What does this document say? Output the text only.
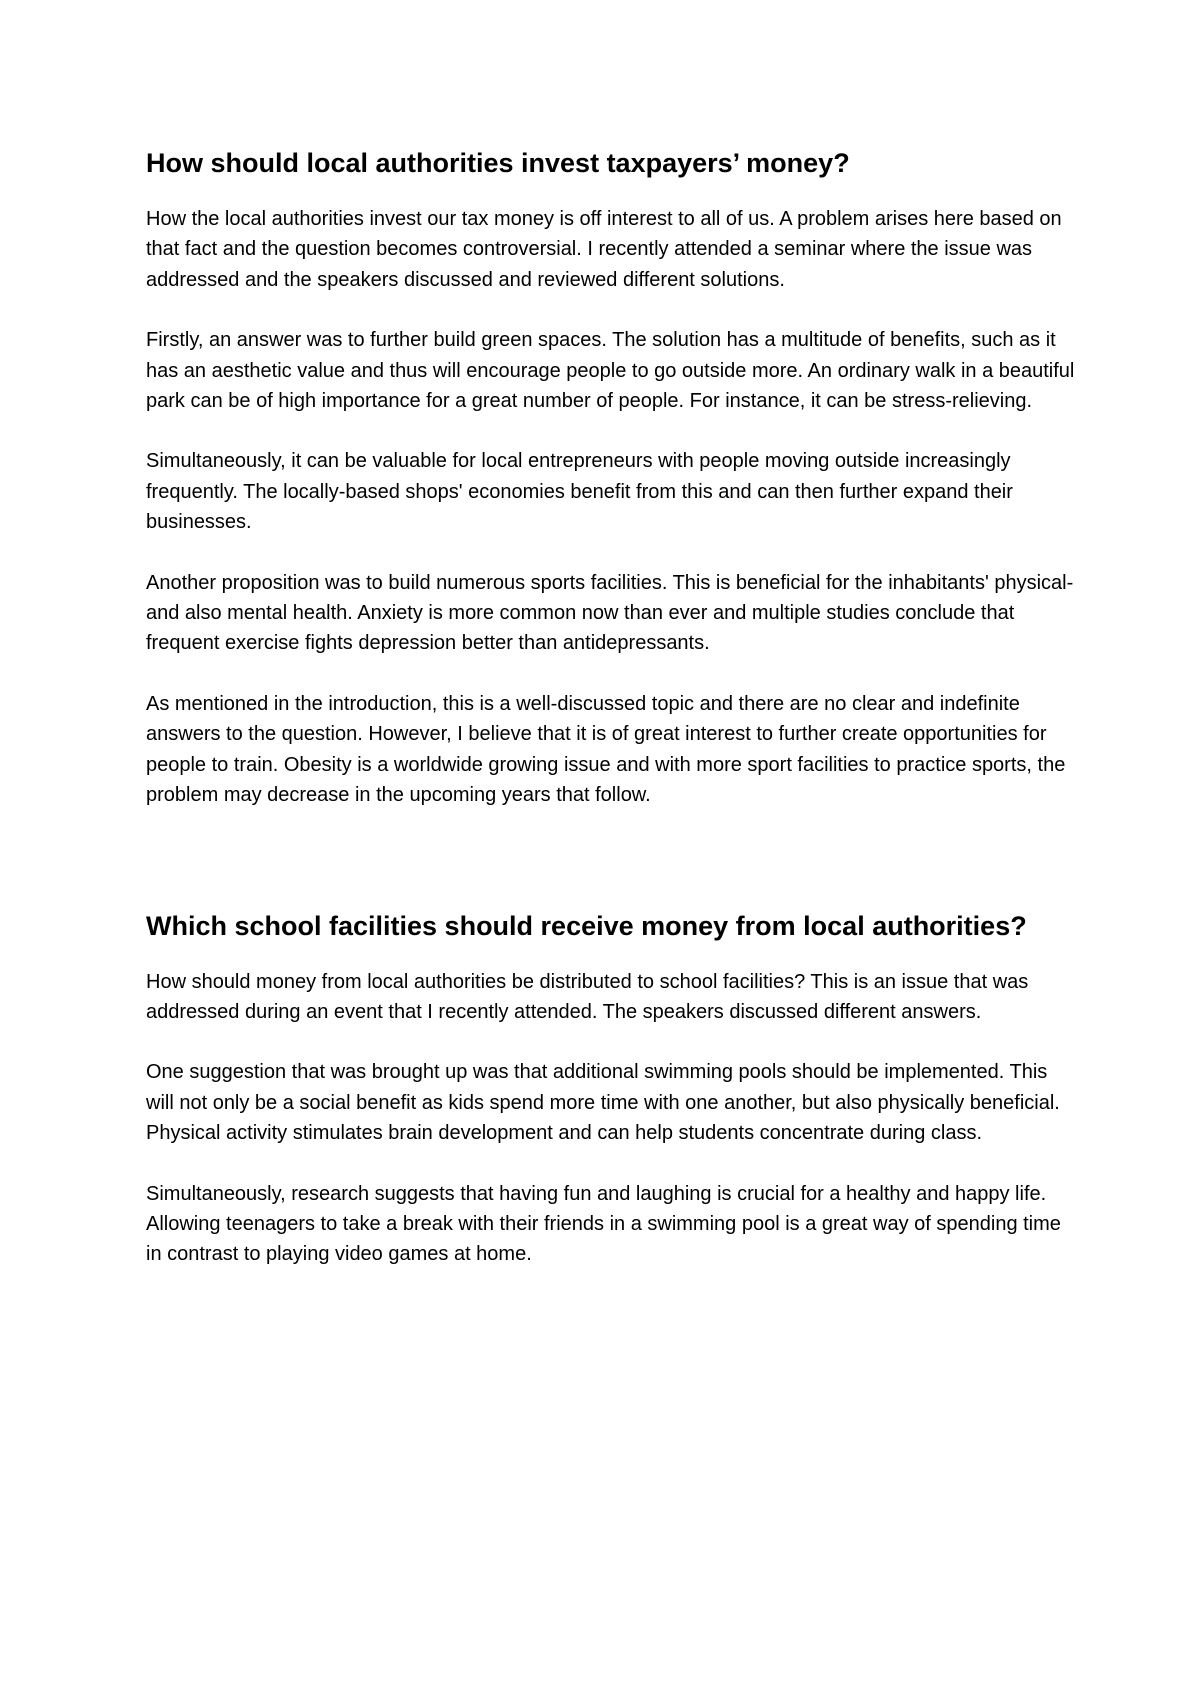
How should local authorities invest taxpayers’ money?

How the local authorities invest our tax money is off interest to all of us. A problem arises here based on that fact and the question becomes controversial. I recently attended a seminar where the issue was addressed and the speakers discussed and reviewed different solutions.

Firstly, an answer was to further build green spaces. The solution has a multitude of benefits, such as it has an aesthetic value and thus will encourage people to go outside more. An ordinary walk in a beautiful park can be of high importance for a great number of people. For instance, it can be stress-relieving.

Simultaneously, it can be valuable for local entrepreneurs with people moving outside increasingly frequently. The locally-based shops' economies benefit from this and can then further expand their businesses.

Another proposition was to build numerous sports facilities. This is beneficial for the inhabitants' physical- and also mental health. Anxiety is more common now than ever and multiple studies conclude that frequent exercise fights depression better than antidepressants.

As mentioned in the introduction, this is a well-discussed topic and there are no clear and indefinite answers to the question. However, I believe that it is of great interest to further create opportunities for people to train. Obesity is a worldwide growing issue and with more sport facilities to practice sports, the problem may decrease in the upcoming years that follow.

Which school facilities should receive money from local authorities?

How should money from local authorities be distributed to school facilities? This is an issue that was addressed during an event that I recently attended. The speakers discussed different answers.

One suggestion that was brought up was that additional swimming pools should be implemented. This will not only be a social benefit as kids spend more time with one another, but also physically beneficial. Physical activity stimulates brain development and can help students concentrate during class.

Simultaneously, research suggests that having fun and laughing is crucial for a healthy and happy life. Allowing teenagers to take a break with their friends in a swimming pool is a great way of spending time in contrast to playing video games at home.
